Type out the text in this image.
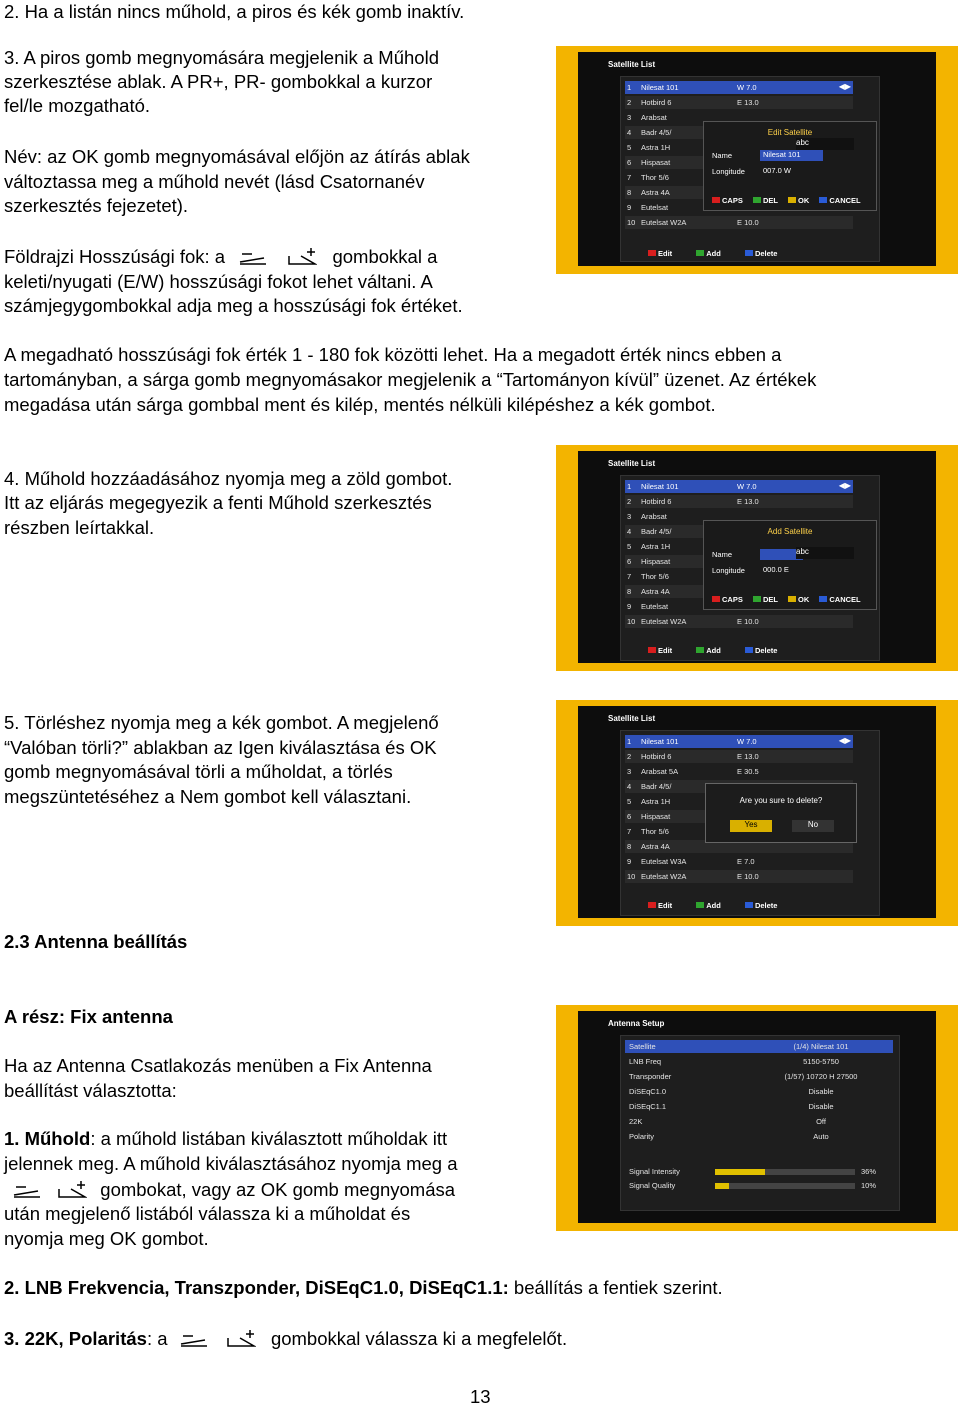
2. Ha a listán nincs műhold, a piros és kék gomb inaktív.
3. A piros gomb megnyomására megjelenik a Műhold
szerkesztése ablak. A PR+, PR- gombokkal a kurzor
fel/le mozgatható.
Név: az OK gomb megnyomásával előjön az átírás ablak
változtassa meg a műhold nevét (lásd Csatornanév
szerkesztés fejezetet).
Földrajzi Hosszúsági fok: a
	gombokkal a
keleti/nyugati (E/W) hosszúsági fokot lehet váltani. A
számjegygombokkal adja meg a hosszúsági fok értéket.
A megadható hosszúsági fok érték 1 - 180 fok közötti lehet. Ha a megadott érték nincs ebben a
tartományban, a sárga gomb megnyomásakor megjelenik a “Tartományon kívül” üzenet. Az értékek
megadása után sárga gombbal ment és kilép, mentés nélküli kilépéshez a kék gombot.
Satellite List
1 Nilesat 101	W 7.0	◀▶
2 Hotbird 6	E 13.0
3 Arabsat
4 Badr 4/5/
5 Astra 1H
6 Hispasat
7 Thor 5/6
8 Astra 4A
9 Eutelsat
10 Eutelsat W2A	E 10.0
Edit Satellite
Name	Nilesat 101
Longitude	007.0 W
abc
CAPS	DEL	OK	CANCEL
Edit	Add	Delete
4. Műhold hozzáadásához nyomja meg a zöld gombot.
Itt az eljárás megegyezik a fenti Műhold szerkesztés
részben leírtakkal.
Satellite List
1 Nilesat 101	W 7.0	◀▶
2 Hotbird 6	E 13.0
3 Arabsat
4 Badr 4/5/
5 Astra 1H
6 Hispasat
7 Thor 5/6
8 Astra 4A
9 Eutelsat
10 Eutelsat W2A	E 10.0
Add Satellite
Name
Longitude	000.0 E
abc
CAPS	DEL	OK	CANCEL
Edit	Add	Delete
5. Törléshez nyomja meg a kék gombot. A megjelenő
“Valóban törli?” ablakban az Igen kiválasztása és OK
gomb megnyomásával törli a műholdat, a törlés
megszüntetéséhez a Nem gombot kell választani.
Satellite List
1 Nilesat 101	W 7.0	◀▶
2 Hotbird 6	E 13.0
3 Arabsat 5A	E 30.5
4 Badr 4/5/
5 Astra 1H
6 Hispasat
7 Thor 5/6
8 Astra 4A
9 Eutelsat W3A	E 7.0
10 Eutelsat W2A	E 10.0
Are you sure to delete?
Yes	No
Edit	Add	Delete
2.3 Antenna beállítás
A rész: Fix antenna
Ha az Antenna Csatlakozás menüben a Fix Antenna
beállítást választotta:
1. Műhold: a műhold listában kiválasztott műholdak itt
jelennek meg. A műhold kiválasztásához nyomja meg a

gombokat, vagy az OK gomb megnyomása
után megjelenő listából válassza ki a műholdat és
nyomja meg OK gombot.
2. LNB Frekvencia, Transzponder, DiSEqC1.0, DiSEqC1.1: beállítás a fentiek szerint.
3. 22K, Polaritás: a
	gombokkal válassza ki a megfelelőt.
Antenna Setup
Satellite	(1/4) Nilesat 101
LNB Freq	5150-5750
Transponder	(1/57) 10720 H 27500
DiSEqC1.0	Disable
DiSEqC1.1	Disable
22K	Off
Polarity	Auto
Signal Intensity	36%
Signal Quality	10%
13
